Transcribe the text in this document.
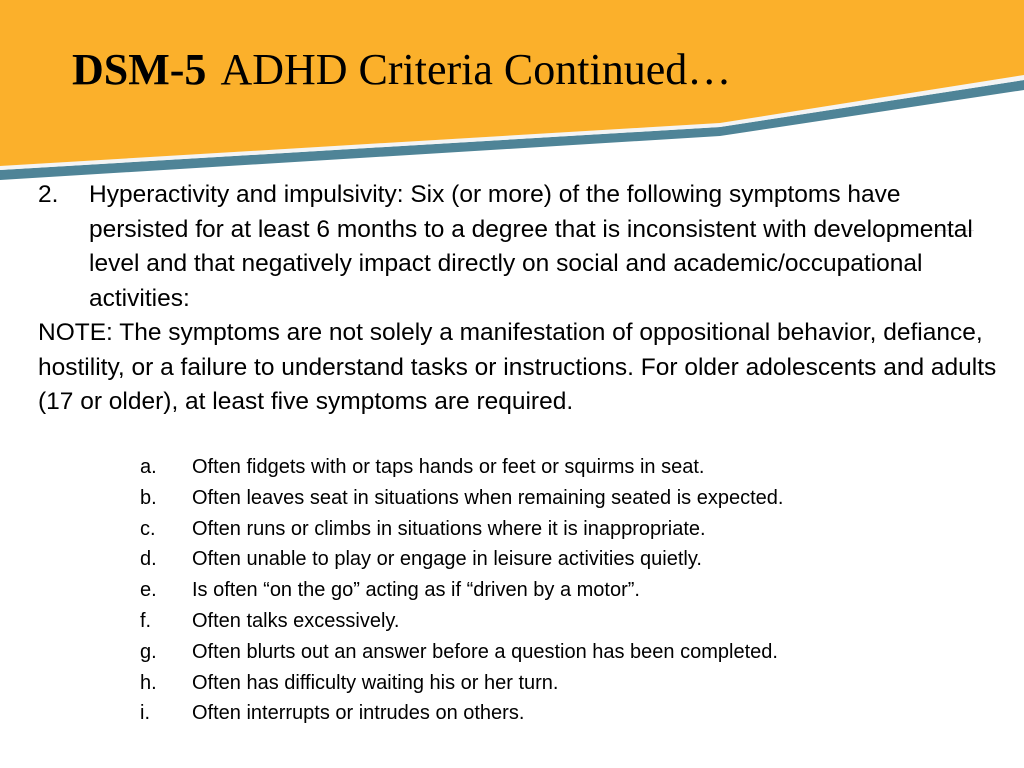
DSM-5 ADHD Criteria Continued…
2.	Hyperactivity and impulsivity: Six (or more) of the following symptoms have persisted for at least 6 months to a degree that is inconsistent with developmental level and that negatively impact directly on social and academic/occupational activities:
NOTE: The symptoms are not solely a manifestation of oppositional behavior, defiance, hostility, or a failure to understand tasks or instructions. For older adolescents and adults (17 or older), at least five symptoms are required.
a.	Often fidgets with or taps hands or feet or squirms in seat.
b.	Often leaves seat in situations when remaining seated is expected.
c.	Often runs or climbs in situations where it is inappropriate.
d.	Often unable to play or engage in leisure activities quietly.
e.	Is often “on the go” acting as if “driven by a motor”.
f.	Often talks excessively.
g.	Often blurts out an answer before a question has been completed.
h.	Often has difficulty waiting his or her turn.
i.	Often interrupts or intrudes on others.
